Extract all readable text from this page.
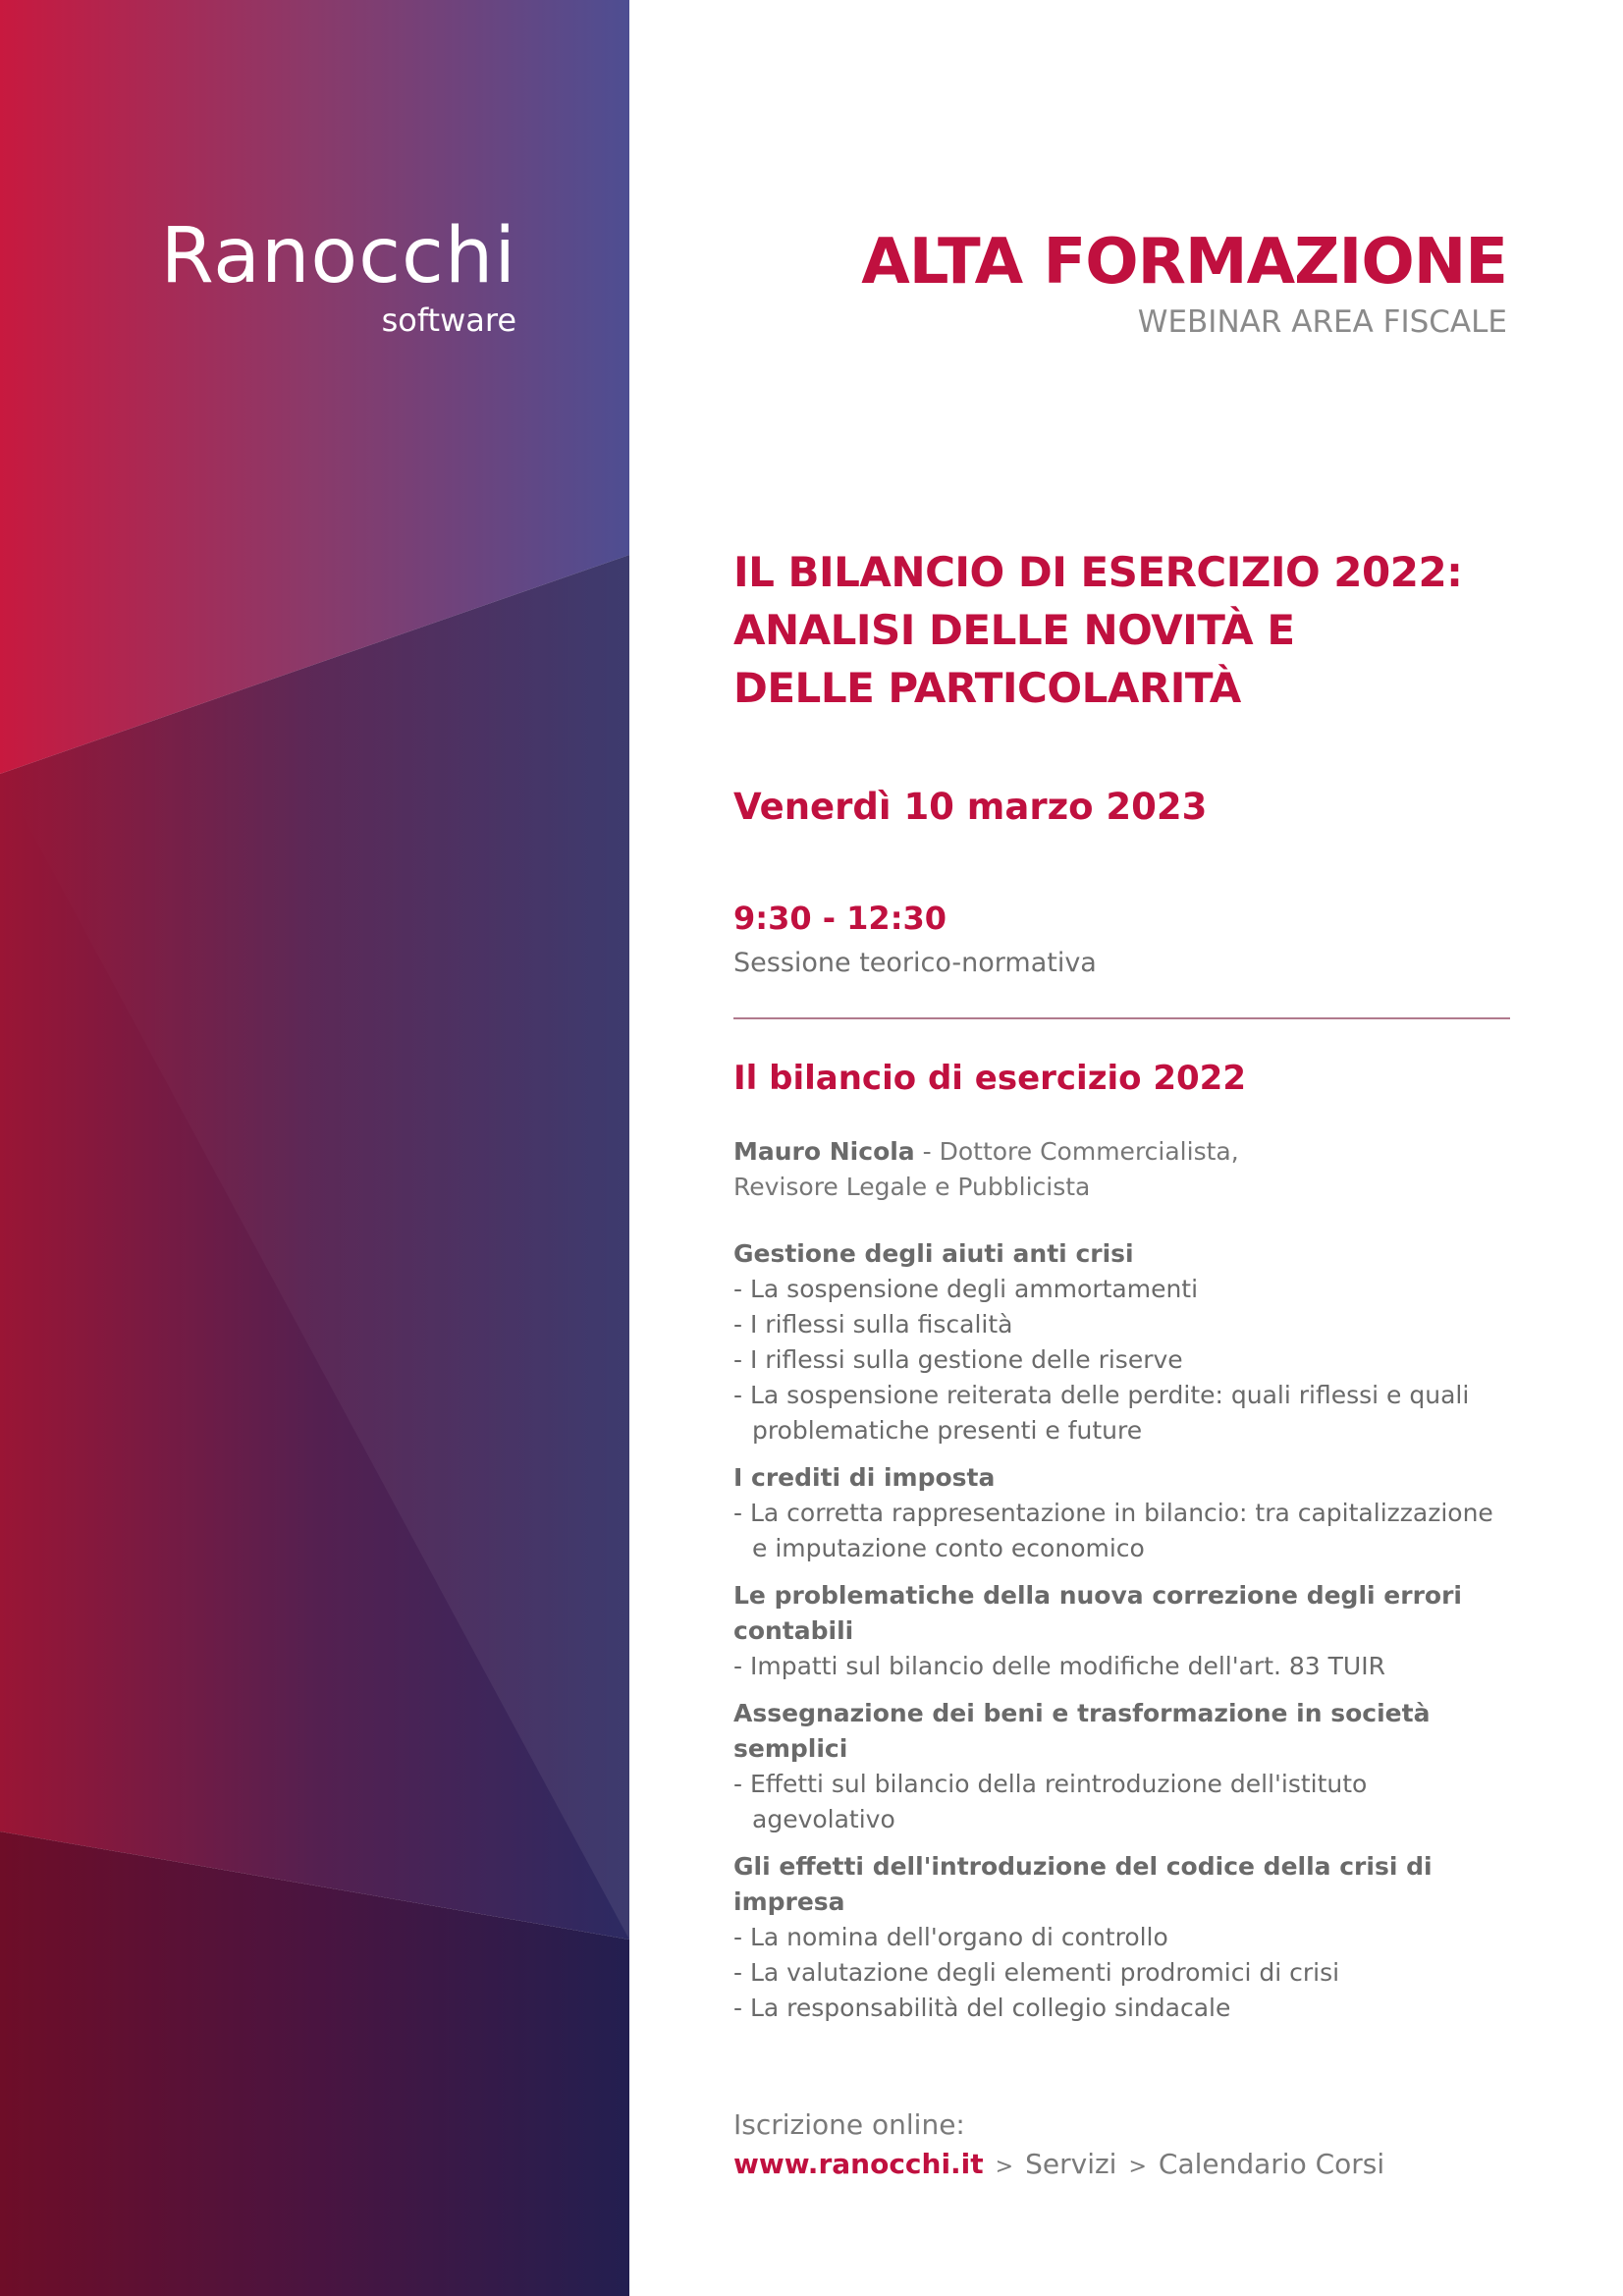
Ranocchi
software
ALTA FORMAZIONE
WEBINAR AREA FISCALE
IL BILANCIO DI ESERCIZIO 2022:
ANALISI DELLE NOVITÀ E
DELLE PARTICOLARITÀ
Venerdì 10 marzo 2023
9:30 - 12:30
Sessione teorico-normativa
Il bilancio di esercizio 2022
Mauro Nicola - Dottore Commercialista,
Revisore Legale e Pubblicista
Gestione degli aiuti anti crisi
- La sospensione degli ammortamenti
- I riflessi sulla fiscalità
- I riflessi sulla gestione delle riserve
- La sospensione reiterata delle perdite: quali riflessi e quali problematiche presenti e future
I crediti di imposta
- La corretta rappresentazione in bilancio: tra capitalizzazione e imputazione conto economico
Le problematiche della nuova correzione degli errori contabili
- Impatti sul bilancio delle modifiche dell'art. 83 TUIR
Assegnazione dei beni e trasformazione in società semplici
- Effetti sul bilancio della reintroduzione dell'istituto agevolativo
Gli effetti dell'introduzione del codice della crisi di impresa
- La nomina dell'organo di controllo
- La valutazione degli elementi prodromici di crisi
- La responsabilità del collegio sindacale
Iscrizione online:
www.ranocchi.it > Servizi > Calendario Corsi
